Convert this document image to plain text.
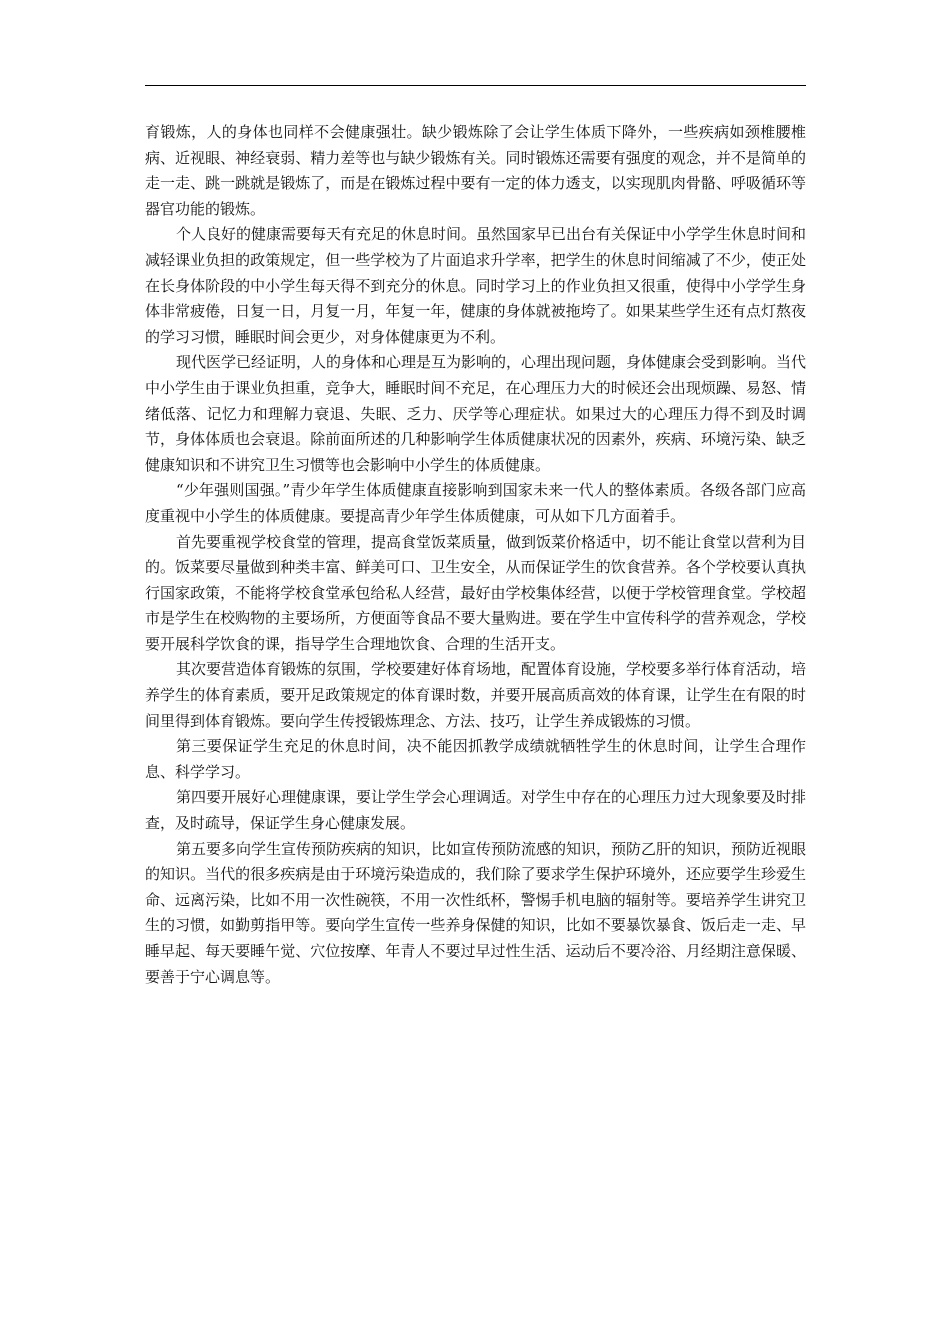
育锻炼，人的身体也同样不会健康强壮。缺少锻炼除了会让学生体质下降外，一些疾病如颈椎腰椎病、近视眼、神经衰弱、精力差等也与缺少锻炼有关。同时锻炼还需要有强度的观念，并不是简单的走一走、跳一跳就是锻炼了，而是在锻炼过程中要有一定的体力透支，以实现肌肉骨骼、呼吸循环等器官功能的锻炼。

个人良好的健康需要每天有充足的休息时间。虽然国家早已出台有关保证中小学学生休息时间和减轻课业负担的政策规定，但一些学校为了片面追求升学率，把学生的休息时间缩减了不少，使正处在长身体阶段的中小学生每天得不到充分的休息。同时学习上的作业负担又很重，使得中小学学生身体非常疲倦，日复一日，月复一月，年复一年，健康的身体就被拖垮了。如果某些学生还有点灯熬夜的学习习惯，睡眠时间会更少，对身体健康更为不利。

现代医学已经证明，人的身体和心理是互为影响的，心理出现问题，身体健康会受到影响。当代中小学生由于课业负担重，竞争大，睡眠时间不充足，在心理压力大的时候还会出现烦躁、易怒、情绪低落、记忆力和理解力衰退、失眠、乏力、厌学等心理症状。如果过大的心理压力得不到及时调节，身体体质也会衰退。除前面所述的几种影响学生体质健康状况的因素外，疾病、环境污染、缺乏健康知识和不讲究卫生习惯等也会影响中小学生的体质健康。

“少年强则国强。”青少年学生体质健康直接影响到国家未来一代人的整体素质。各级各部门应高度重视中小学生的体质健康。要提高青少年学生体质健康，可从如下几方面着手。

首先要重视学校食堂的管理，提高食堂饭菜质量，做到饭菜价格适中，切不能让食堂以营利为目的。饭菜要尽量做到种类丰富、鲜美可口、卫生安全，从而保证学生的饮食营养。各个学校要认真执行国家政策，不能将学校食堂承包给私人经营，最好由学校集体经营，以便于学校管理食堂。学校超市是学生在校购物的主要场所，方便面等食品不要大量购进。要在学生中宣传科学的营养观念，学校要开展科学饮食的课，指导学生合理地饮食、合理的生活开支。

其次要营造体育锻炼的氛围，学校要建好体育场地，配置体育设施，学校要多举行体育活动，培养学生的体育素质，要开足政策规定的体育课时数，并要开展高质高效的体育课，让学生在有限的时间里得到体育锻炼。要向学生传授锻炼理念、方法、技巧，让学生养成锻炼的习惯。

第三要保证学生充足的休息时间，决不能因抓教学成绩就牺牲学生的休息时间，让学生合理作息、科学学习。

第四要开展好心理健康课，要让学生学会心理调适。对学生中存在的心理压力过大现象要及时排查，及时疏导，保证学生身心健康发展。

第五要多向学生宣传预防疾病的知识，比如宣传预防流感的知识，预防乙肝的知识，预防近视眼的知识。当代的很多疾病是由于环境污染造成的，我们除了要求学生保护环境外，还应要学生珍爱生命、远离污染，比如不用一次性碗筷，不用一次性纸杯，警惕手机电脑的辐射等。要培养学生讲究卫生的习惯，如勤剪指甲等。要向学生宣传一些养身保健的知识，比如不要暴饮暴食、饭后走一走、早睡早起、每天要睡午觉、穴位按摩、年青人不要过早过性生活、运动后不要冷浴、月经期注意保暖、要善于宁心调息等。
